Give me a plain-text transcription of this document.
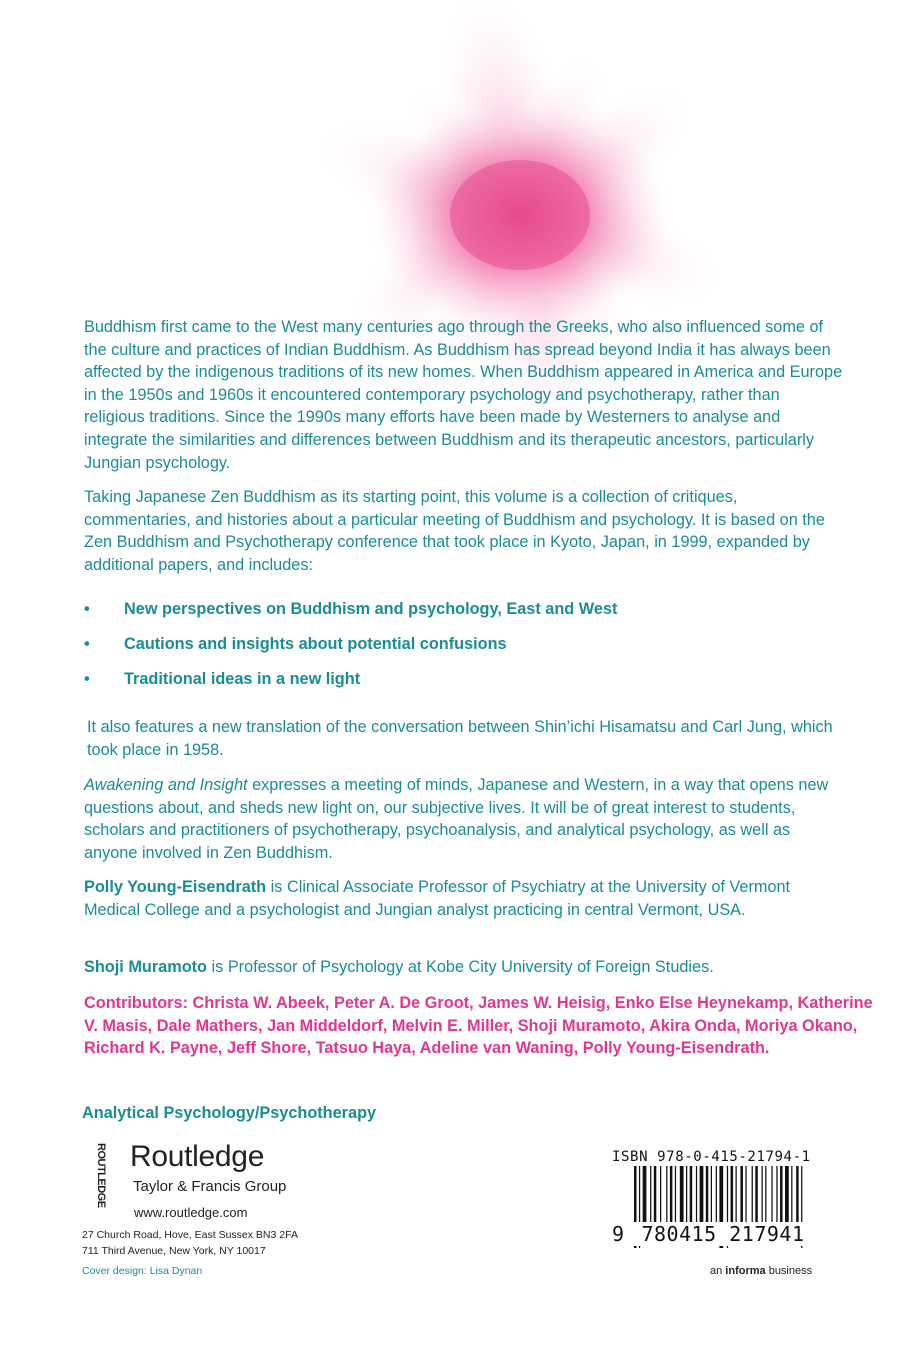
Buddhism first came to the West many centuries ago through the Greeks, who also influenced some of the culture and practices of Indian Buddhism. As Buddhism has spread beyond India it has always been affected by the indigenous traditions of its new homes. When Buddhism appeared in America and Europe in the 1950s and 1960s it encountered contemporary psychology and psychotherapy, rather than religious traditions. Since the 1990s many efforts have been made by Westerners to analyse and integrate the similarities and differences between Buddhism and its therapeutic ancestors, particularly Jungian psychology.

Taking Japanese Zen Buddhism as its starting point, this volume is a collection of critiques, commentaries, and histories about a particular meeting of Buddhism and psychology. It is based on the Zen Buddhism and Psychotherapy conference that took place in Kyoto, Japan, in 1999, expanded by additional papers, and includes:

• New perspectives on Buddhism and psychology, East and West
• Cautions and insights about potential confusions
• Traditional ideas in a new light

It also features a new translation of the conversation between Shin’ichi Hisamatsu and Carl Jung, which took place in 1958.

Awakening and Insight expresses a meeting of minds, Japanese and Western, in a way that opens new questions about, and sheds new light on, our subjective lives. It will be of great interest to students, scholars and practitioners of psychotherapy, psychoanalysis, and analytical psychology, as well as anyone involved in Zen Buddhism.

Polly Young-Eisendrath is Clinical Associate Professor of Psychiatry at the University of Vermont Medical College and a psychologist and Jungian analyst practicing in central Vermont, USA.

Shoji Muramoto is Professor of Psychology at Kobe City University of Foreign Studies.

Contributors: Christa W. Abeek, Peter A. De Groot, James W. Heisig, Enko Else Heynekamp, Katherine V. Masis, Dale Mathers, Jan Middeldorf, Melvin E. Miller, Shoji Muramoto, Akira Onda, Moriya Okano, Richard K. Payne, Jeff Shore, Tatsuo Haya, Adeline van Waning, Polly Young-Eisendrath.

Analytical Psychology/Psychotherapy
ROUTLEDGE Routledge
Taylor & Francis Group
www.routledge.com
27 Church Road, Hove, East Sussex BN3 2FA
711 Third Avenue, New York, NY 10017
Cover design: Lisa Dynan
ISBN 978-0-415-21794-1
9 780415 217941
an informa business
